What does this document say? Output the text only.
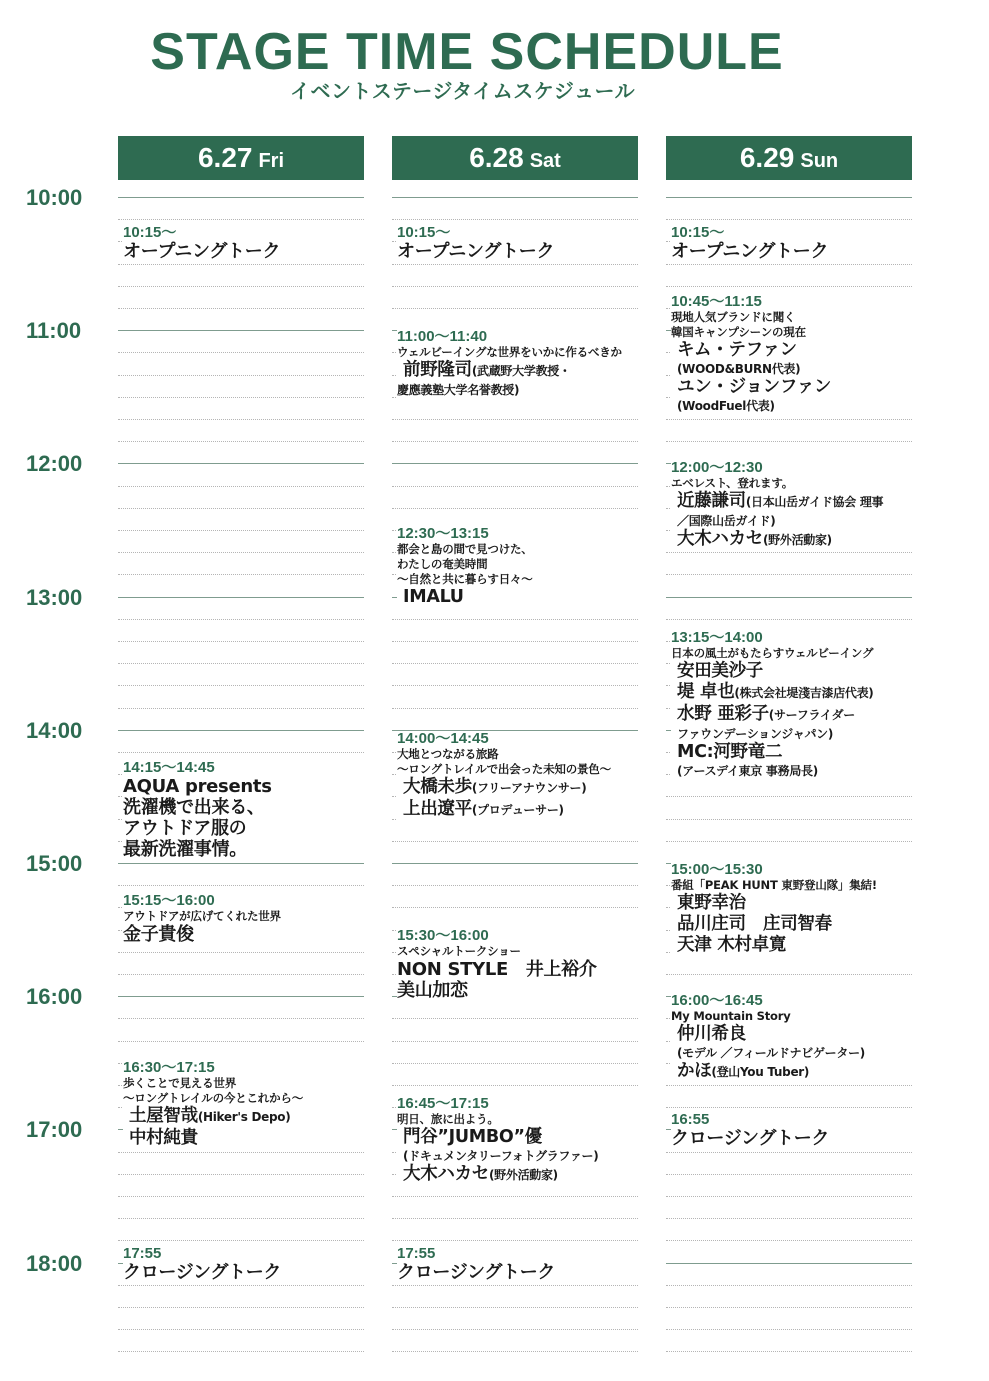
STAGE TIME SCHEDULE
イベントステージタイムスケジュール
10:00
11:00
12:00
13:00
14:00
15:00
16:00
17:00
18:00
6.27 Fri
10:15〜
オープニングトーク
14:15〜14:45
AQUA presents
洗濯機で出来る、
アウトドア服の
最新洗濯事情。
15:15〜16:00
アウトドアが広げてくれた世界
金子貴俊
16:30〜17:15
歩くことで見える世界
〜ロングトレイルの今とこれから〜
土屋智哉(Hiker's Depo)
中村純貴
17:55
クロージングトーク
6.28 Sat
10:15〜
オープニングトーク
11:00〜11:40
ウェルビーイングな世界をいかに作るべきか
前野隆司(武蔵野大学教授・
慶應義塾大学名誉教授)
12:30〜13:15
都会と島の間で見つけた、
わたしの奄美時間
〜自然と共に暮らす日々〜
IMALU
14:00〜14:45
大地とつながる旅路
〜ロングトレイルで出会った未知の景色〜
大橋未歩(フリーアナウンサー)
上出遼平(プロデューサー)
15:30〜16:00
スペシャルトークショー
NON STYLE　井上裕介
美山加恋
16:45〜17:15
明日、旅に出よう。
門谷”JUMBO”優
(ドキュメンタリーフォトグラファー)
大木ハカセ(野外活動家)
17:55
クロージングトーク
6.29 Sun
10:15〜
オープニングトーク
10:45〜11:15
現地人気ブランドに聞く
韓国キャンプシーンの現在
キム・テファン
(WOOD&BURN代表)
ユン・ジョンファン
(WoodFuel代表)
12:00〜12:30
エベレスト、登れます。
近藤謙司(日本山岳ガイド協会 理事
／国際山岳ガイド)
大木ハカセ(野外活動家)
13:15〜14:00
日本の風土がもたらすウェルビーイング
安田美沙子
堤 卓也(株式会社堤淺吉漆店代表)
水野 亜彩子(サーフライダー
ファウンデーションジャパン)
MC:河野竜二
(アースデイ東京 事務局長)
15:00〜15:30
番組「PEAK HUNT 東野登山隊」集結!
東野幸治
品川庄司　庄司智春
天津 木村卓寛
16:00〜16:45
My Mountain Story
仲川希良
(モデル ／フィールドナビゲーター)
かほ(登山You Tuber)
16:55
クロージングトーク
